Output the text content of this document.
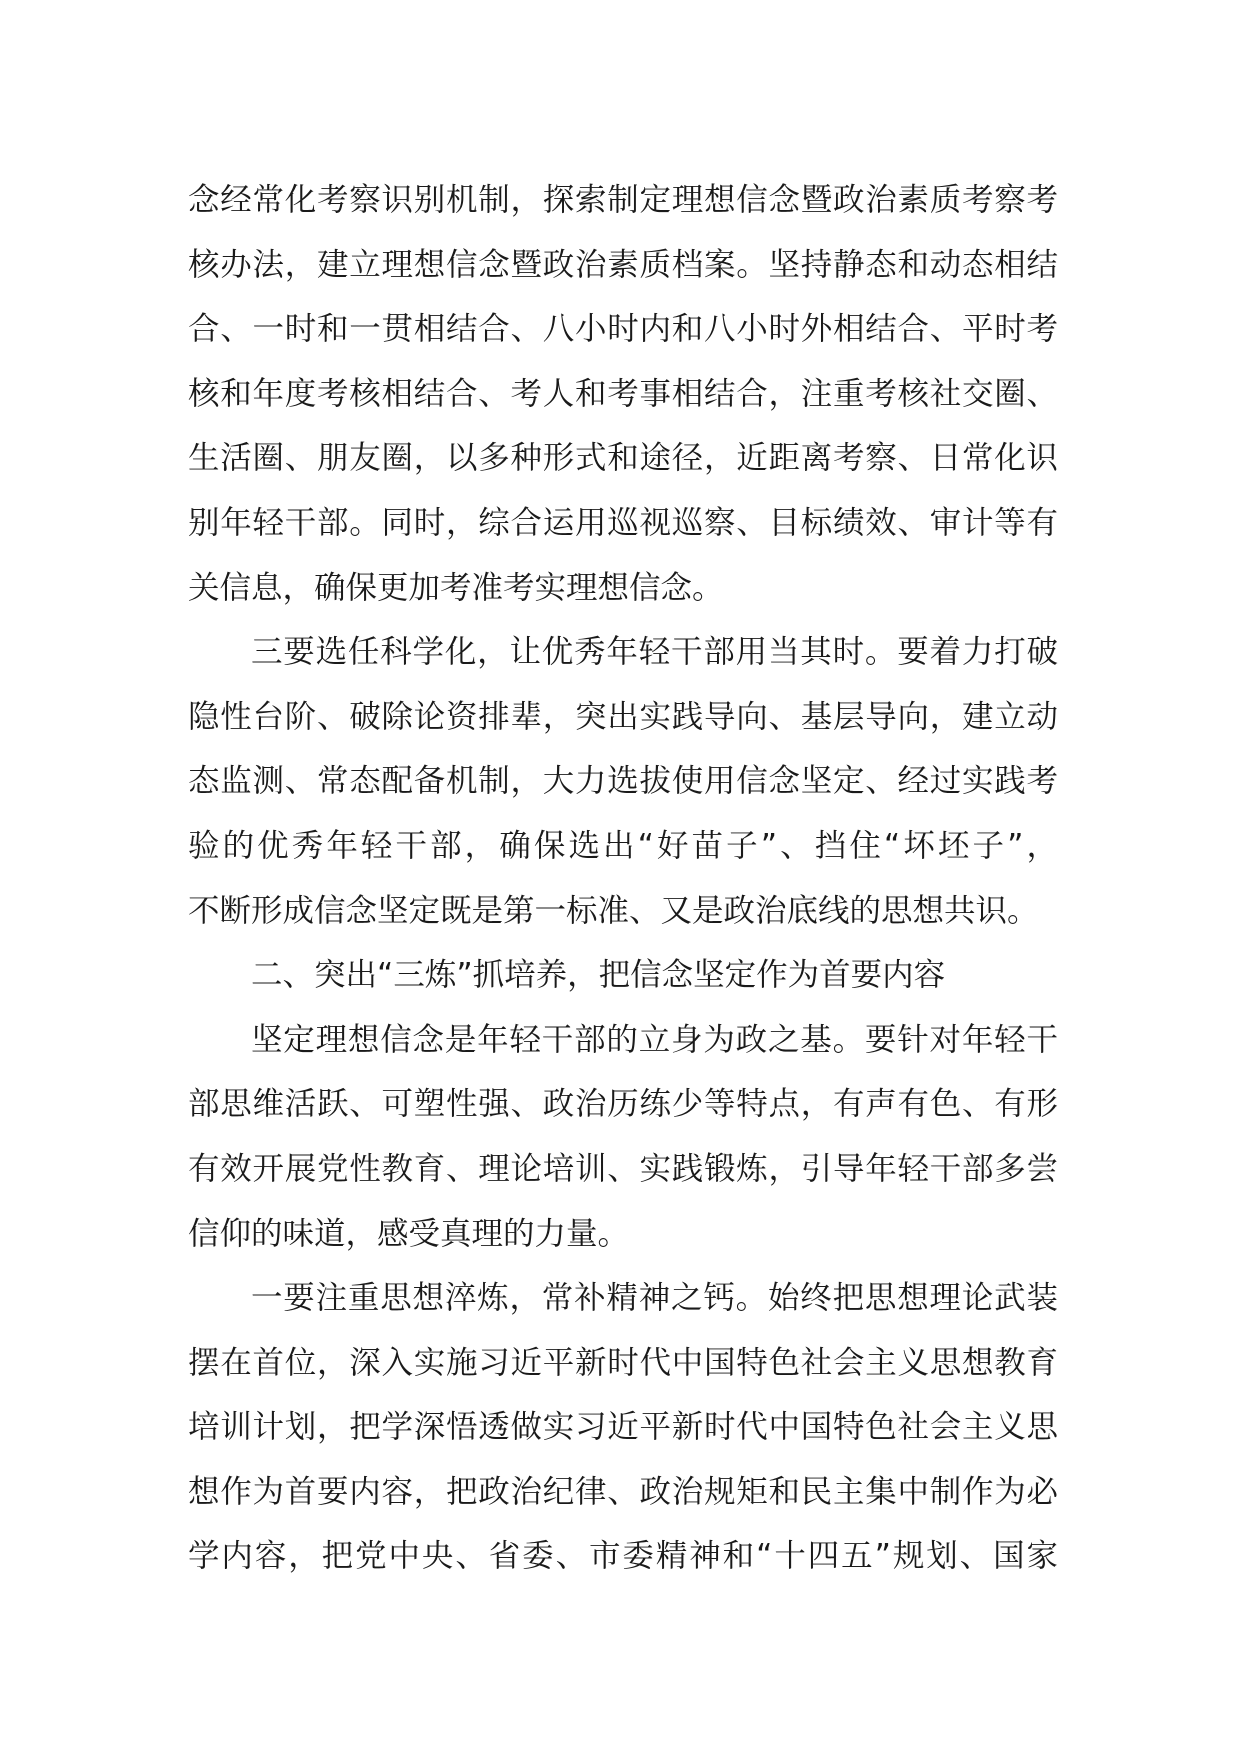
念经常化考察识别机制，探索制定理想信念暨政治素质考察考
核办法，建立理想信念暨政治素质档案。坚持静态和动态相结
合、一时和一贯相结合、八小时内和八小时外相结合、平时考
核和年度考核相结合、考人和考事相结合，注重考核社交圈、
生活圈、朋友圈，以多种形式和途径，近距离考察、日常化识
别年轻干部。同时，综合运用巡视巡察、目标绩效、审计等有
关信息，确保更加考准考实理想信念。
三要选任科学化，让优秀年轻干部用当其时。要着力打破
隐性台阶、破除论资排辈，突出实践导向、基层导向，建立动
态监测、常态配备机制，大力选拔使用信念坚定、经过实践考
验的优秀年轻干部，确保选出“好苗子”、挡住“坏坯子”，
不断形成信念坚定既是第一标准、又是政治底线的思想共识。
二、突出“三炼”抓培养，把信念坚定作为首要内容
坚定理想信念是年轻干部的立身为政之基。要针对年轻干
部思维活跃、可塑性强、政治历练少等特点，有声有色、有形
有效开展党性教育、理论培训、实践锻炼，引导年轻干部多尝
信仰的味道，感受真理的力量。
一要注重思想淬炼，常补精神之钙。始终把思想理论武装
摆在首位，深入实施习近平新时代中国特色社会主义思想教育
培训计划，把学深悟透做实习近平新时代中国特色社会主义思
想作为首要内容，把政治纪律、政治规矩和民主集中制作为必
学内容，把党中央、省委、市委精神和“十四五”规划、国家
